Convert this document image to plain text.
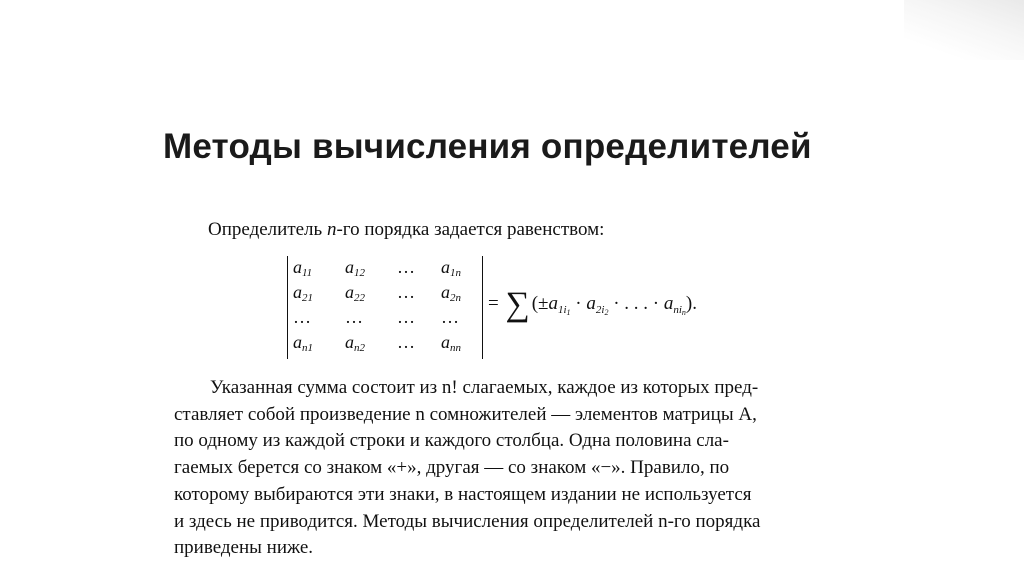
Методы вычисления определителей
Определитель n-го порядка задается равенством:
$a_{11}$	$a_{12}$	…	$a_{1n}$
$a_{21}$	$a_{22}$	…	$a_{2n}$
…	…	…	…
$a_{n1}$	$a_{n2}$	…	$a_{nn}$
= ∑ ($\pm a_{1i_1} \cdot a_{2i_2}$ · . . . · $a_{ni_n}$).
Указанная сумма состоит из n! слагаемых, каждое из которых пред-
ставляет собой произведение n сомножителей — элементов матрицы A,
по одному из каждой строки и каждого столбца. Одна половина сла-
гаемых берется со знаком «+», другая — со знаком «−». Правило, по
которому выбираются эти знаки, в настоящем издании не используется
и здесь не приводится. Методы вычисления определителей n-го порядка
приведены ниже.
